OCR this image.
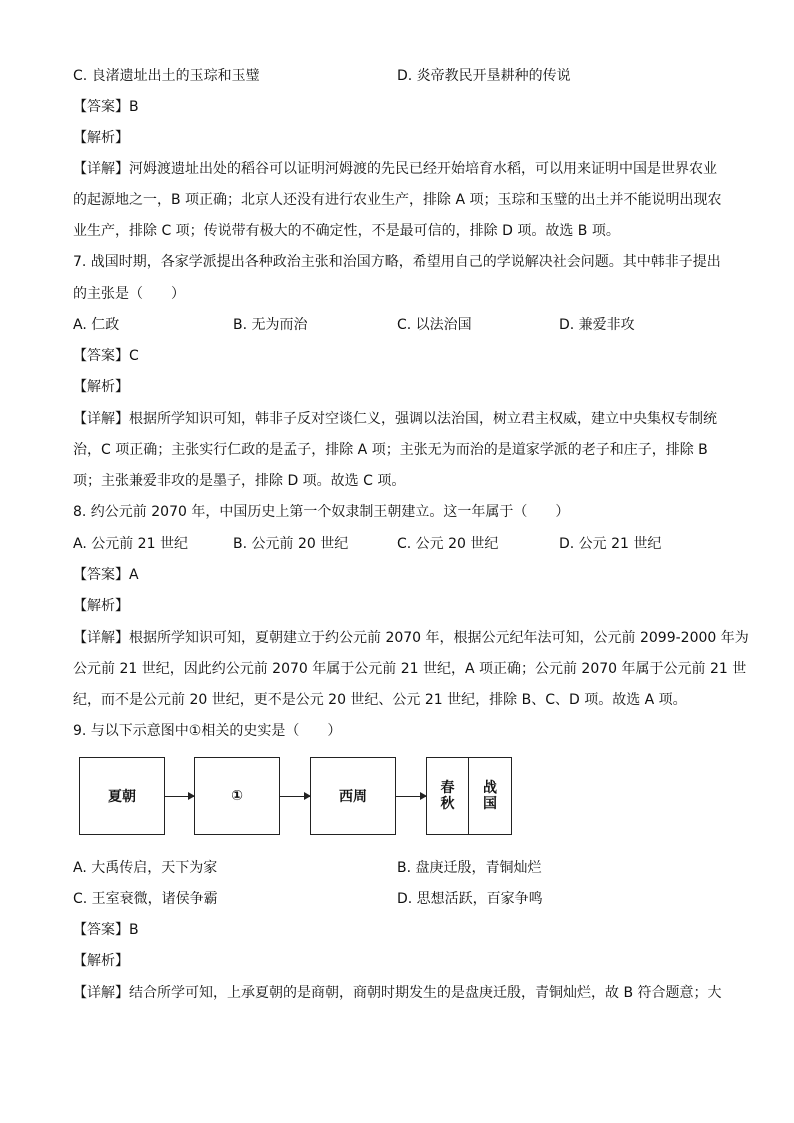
C. 良渚遗址出土的玉琮和玉璧	D. 炎帝教民开垦耕种的传说
【答案】B
【解析】
【详解】河姆渡遗址出处的稻谷可以证明河姆渡的先民已经开始培育水稻，可以用来证明中国是世界农业
的起源地之一，B 项正确；北京人还没有进行农业生产，排除 A 项；玉琮和玉璧的出土并不能说明出现农
业生产，排除 C 项；传说带有极大的不确定性，不是最可信的，排除 D 项。故选 B 项。
7. 战国时期，各家学派提出各种政治主张和治国方略，希望用自己的学说解决社会问题。其中韩非子提出
的主张是（　　）
A. 仁政	B. 无为而治	C. 以法治国	D. 兼爱非攻
【答案】C
【解析】
【详解】根据所学知识可知，韩非子反对空谈仁义，强调以法治国，树立君主权威，建立中央集权专制统
治，C 项正确；主张实行仁政的是孟子，排除 A 项；主张无为而治的是道家学派的老子和庄子，排除 B
项；主张兼爱非攻的是墨子，排除 D 项。故选 C 项。
8. 约公元前 2070 年，中国历史上第一个奴隶制王朝建立。这一年属于（　　）
A. 公元前 21 世纪	B. 公元前 20 世纪	C. 公元 20 世纪	D. 公元 21 世纪
【答案】A
【解析】
【详解】根据所学知识可知，夏朝建立于约公元前 2070 年，根据公元纪年法可知，公元前 2099-2000 年为
公元前 21 世纪，因此约公元前 2070 年属于公元前 21 世纪，A 项正确；公元前 2070 年属于公元前 21 世
纪，而不是公元前 20 世纪，更不是公元 20 世纪、公元 21 世纪，排除 B、C、D 项。故选 A 项。
9. 与以下示意图中①相关的史实是（　　）
夏朝	①	西周
春
秋
战
国
A. 大禹传启，天下为家	B. 盘庚迁殷，青铜灿烂
C. 王室衰微，诸侯争霸	D. 思想活跃，百家争鸣
【答案】B
【解析】
【详解】结合所学可知，上承夏朝的是商朝，商朝时期发生的是盘庚迁殷，青铜灿烂，故 B 符合题意；大
